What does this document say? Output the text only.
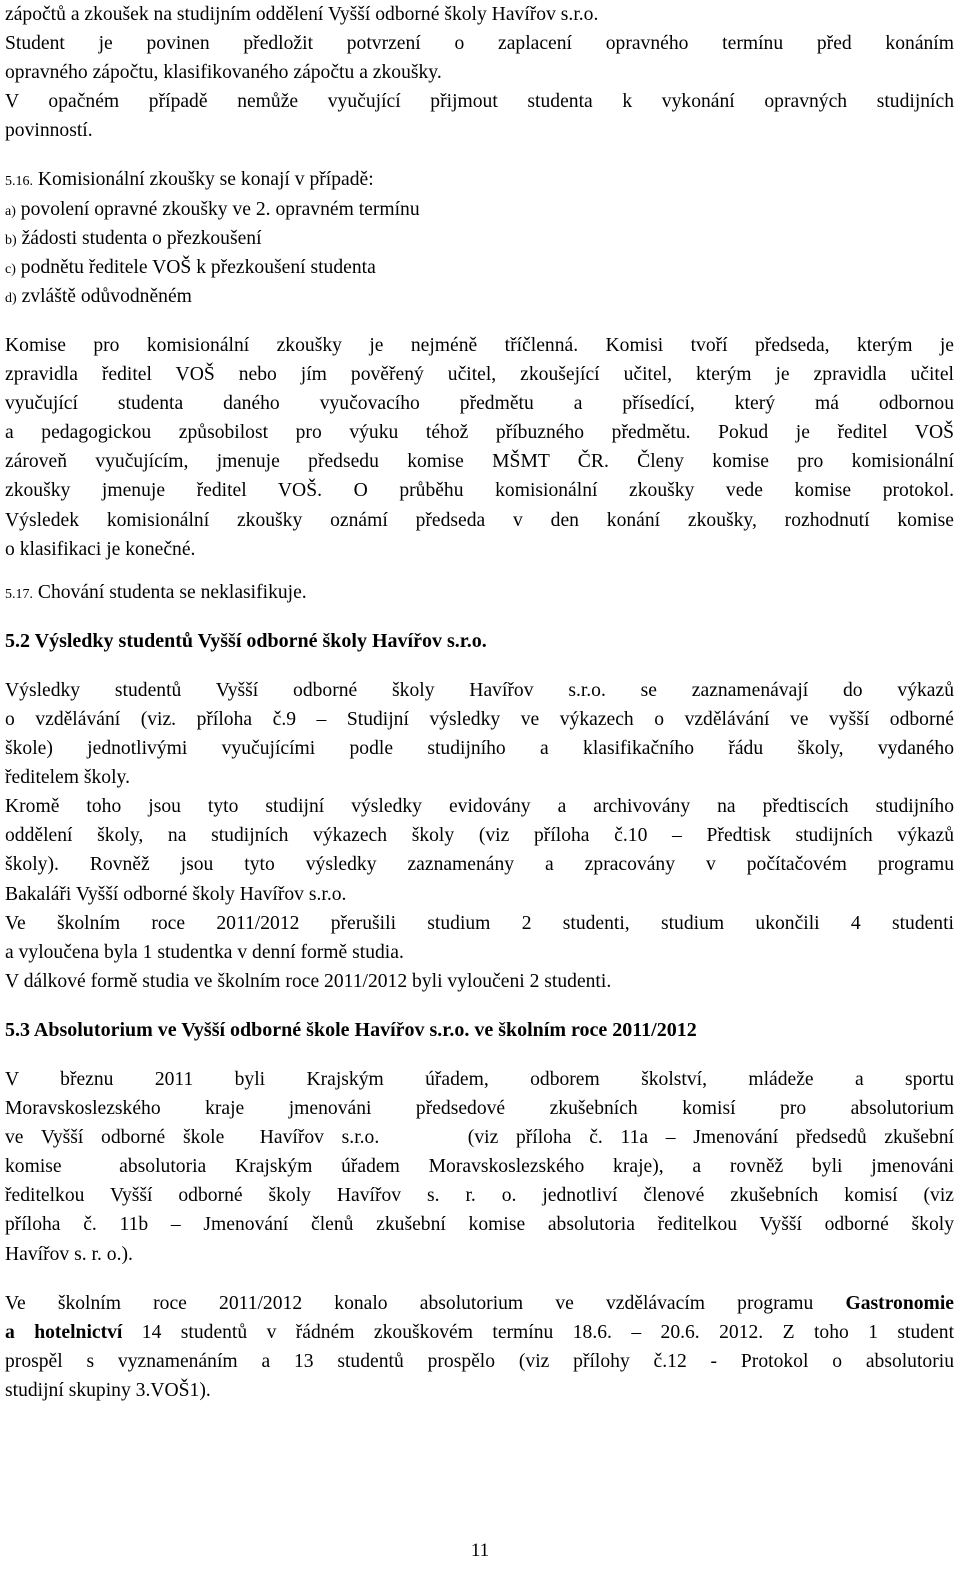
zápočtů a zkoušek na studijním oddělení Vyšší odborné školy Havířov s.r.o.
Student je povinen předložit potvrzení o zaplacení opravného termínu před konáním
opravného zápočtu, klasifikovaného zápočtu a zkoušky.
V opačném případě nemůže vyučující přijmout studenta k vykonání opravných studijních
povinností.
5.16. Komisionální zkoušky se konají v případě:
a) povolení opravné zkoušky ve 2. opravném termínu
b) žádosti studenta o přezkoušení
c) podnětu ředitele VOŠ k přezkoušení studenta
d) zvláště odůvodněném
Komise pro komisionální zkoušky je nejméně tříčlenná. Komisi tvoří předseda, kterým je
zpravidla ředitel VOŠ nebo jím pověřený učitel, zkoušející učitel, kterým je zpravidla učitel
vyučující studenta daného vyučovacího předmětu a přísedící, který má odbornou
a pedagogickou způsobilost pro výuku téhož příbuzného předmětu. Pokud je ředitel VOŠ
zároveň vyučujícím, jmenuje předsedu komise MŠMT ČR. Členy komise pro komisionální
zkoušky jmenuje ředitel VOŠ. O průběhu komisionální zkoušky vede komise protokol.
Výsledek komisionální zkoušky oznámí předseda v den konání zkoušky, rozhodnutí komise
o klasifikaci je konečné.
5.17. Chování studenta se neklasifikuje.
5.2 Výsledky studentů Vyšší odborné školy Havířov s.r.o.
Výsledky studentů Vyšší odborné školy Havířov s.r.o. se zaznamenávají do výkazů
o vzdělávání (viz. příloha č.9 – Studijní výsledky ve výkazech o vzdělávání ve vyšší odborné
škole) jednotlivými vyučujícími podle studijního a klasifikačního řádu školy, vydaného
ředitelem školy.
Kromě toho jsou tyto studijní výsledky evidovány a archivovány na předtiscích studijního
oddělení školy, na studijních výkazech školy (viz příloha č.10 – Předtisk studijních výkazů
školy). Rovněž jsou tyto výsledky zaznamenány a zpracovány v počítačovém programu
Bakaláři Vyšší odborné školy Havířov s.r.o.
Ve školním roce 2011/2012 přerušili studium 2 studenti, studium ukončili 4 studenti
a vyloučena byla 1 studentka v denní formě studia.
V dálkové formě studia ve školním roce 2011/2012 byli vyloučeni 2 studenti.
5.3 Absolutorium ve Vyšší odborné škole Havířov s.r.o. ve školním roce 2011/2012
V březnu 2011 byli Krajským úřadem, odborem školství, mládeže a sportu
Moravskoslezského kraje jmenováni předsedové zkušebních komisí pro absolutorium
ve Vyšší odborné škole  Havířov s.r.o.     (viz příloha č. 11a – Jmenování předsedů zkušební
komise  absolutoria Krajským úřadem Moravskoslezského kraje), a rovněž byli jmenováni
ředitelkou Vyšší odborné školy Havířov s. r. o. jednotliví členové zkušebních komisí (viz
příloha č. 11b – Jmenování členů zkušební komise absolutoria ředitelkou Vyšší odborné školy
Havířov s. r. o.).
Ve školním roce 2011/2012 konalo absolutorium ve vzdělávacím programu Gastronomie
a hotelnictví 14 studentů v řádném zkouškovém termínu 18.6. – 20.6. 2012. Z toho 1 student
prospěl s vyznamenáním a 13 studentů prospělo (viz přílohy č.12 - Protokol o absolutoriu
studijní skupiny 3.VOŠ1).
11
